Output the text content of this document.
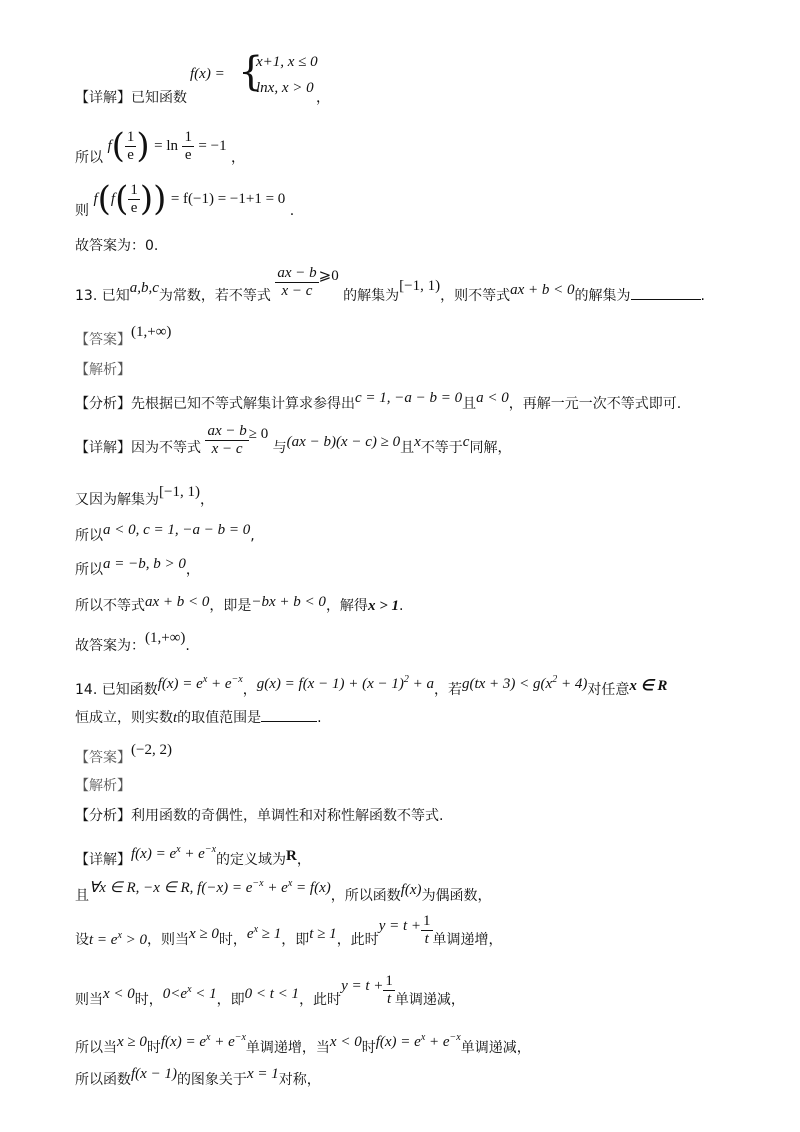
f(x) = {
x+1, x ≤ 0
lnx, x > 0
【详解】已知函数	，
所以 $f( \frac{1}{e}$ ) = $\ln \frac{1}{e} = -1$ ，
则 $f(f( \frac{1}{e}$ )) = f(−1) = −1+1 = 0 .
故答案为：0.
13. 已知a,b,c为常数，若不等式 $\frac{ax - b}{x - c}$ ⩾0 的解集为[−1, 1)，则不等式ax + b < 0的解集为	.
【答案】(1,+∞)
【解析】
【分析】先根据已知不等式解集计算求参得出c = 1, −a − b = 0且a < 0，再解一元一次不等式即可.
【详解】因为不等式 $\frac{ax - b}{x - c} \ge 0$ 与(ax − b)(x − c) ≥ 0且x不等于c同解，
又因为解集为[−1, 1)，
所以a < 0, c = 1, −a − b = 0,
所以a = −b, b > 0，
所以不等式ax + b < 0，即是−bx + b < 0，解得x > 1.
故答案为：(1,+∞).
14. 已知函数$f(x) = e^x + e^{-x}$，$g(x) = f(x - 1) + (x - 1)^2 + a$，若$g(tx + 3) < g(x^2 + 4)$对任意x ∈ R
恒成立，则实数t的取值范围是	.
【答案】(−2, 2)
【解析】
【分析】利用函数的奇偶性，单调性和对称性解函数不等式.
【详解】$f(x) = e^x + e^{-x}$的定义域为R，
且∀x ∈ R, −x ∈ R, $f(-x) = e^{-x} + e^x = f(x)$，所以函数f(x)为偶函数，
设$t = e^x > 0$，则当x ≥ 0时，$e^x \ge 1$，即t ≥ 1，此时$y = t + \frac{1}{t}$ 单调递增，
则当x < 0时，$0<e^x < 1$，即0 < t < 1，此时$y = t + \frac{1}{t}$ 单调递减，
所以当x ≥ 0时$f(x) = e^x + e^{-x}$单调递增，当x < 0时$f(x) = e^x + e^{-x}$单调递减，
所以函数f(x − 1)的图象关于x = 1对称，
